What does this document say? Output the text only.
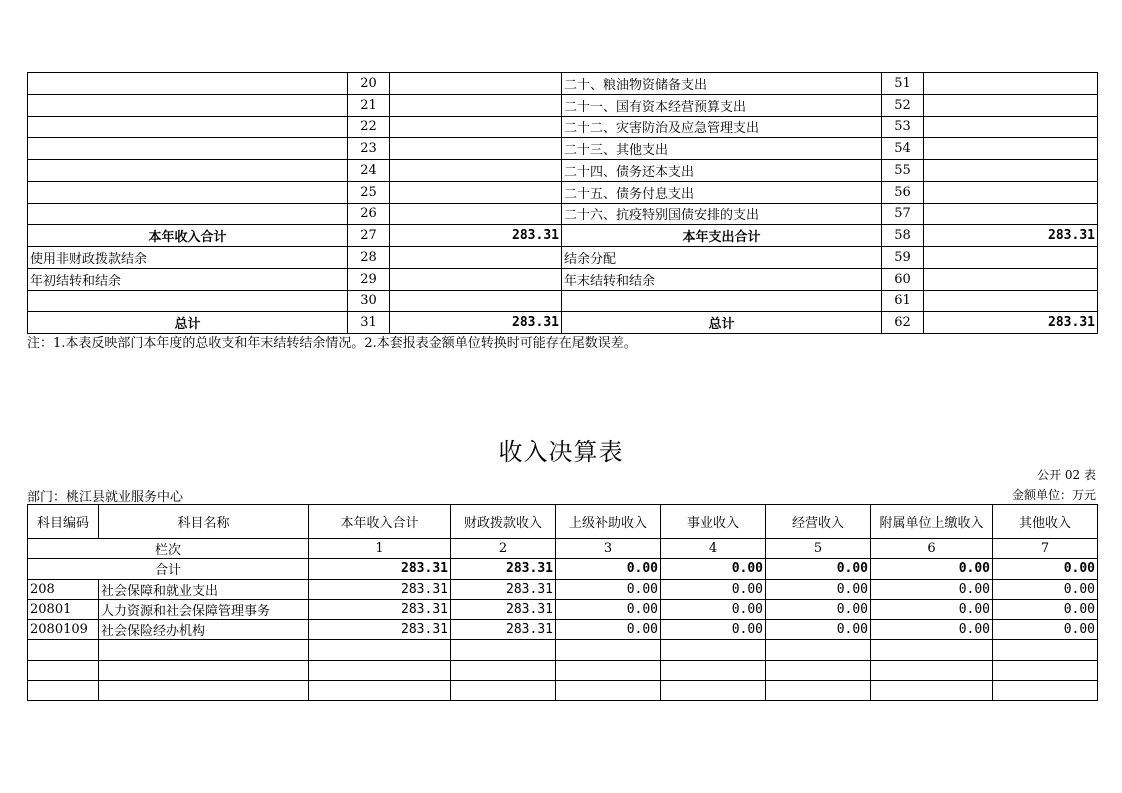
	20		二十、粮油物资储备支出	51	
	21		二十一、国有资本经营预算支出	52	
	22		二十二、灾害防治及应急管理支出	53	
	23		二十三、其他支出	54	
	24		二十四、债务还本支出	55	
	25		二十五、债务付息支出	56	
	26		二十六、抗疫特别国债安排的支出	57	
本年收入合计	27	283.31	本年支出合计	58	283.31
使用非财政拨款结余	28		结余分配	59	
年初结转和结余	29		年末结转和结余	60	
	30			61	
总计	31	283.31	总计	62	283.31
注：1.本表反映部门本年度的总收支和年末结转结余情况。2.本套报表金额单位转换时可能存在尾数误差。
收入决算表
公开 02 表
部门：桃江县就业服务中心	金额单位：万元
科目编码	科目名称	本年收入合计	财政拨款收入	上级补助收入	事业收入	经营收入	附属单位上缴收入	其他收入
栏次		1	2	3	4	5	6	7
合计		283.31	283.31	0.00	0.00	0.00	0.00	0.00
208	社会保障和就业支出	283.31	283.31	0.00	0.00	0.00	0.00	0.00
20801	人力资源和社会保障管理事务	283.31	283.31	0.00	0.00	0.00	0.00	0.00
2080109	社会保险经办机构	283.31	283.31	0.00	0.00	0.00	0.00	0.00
